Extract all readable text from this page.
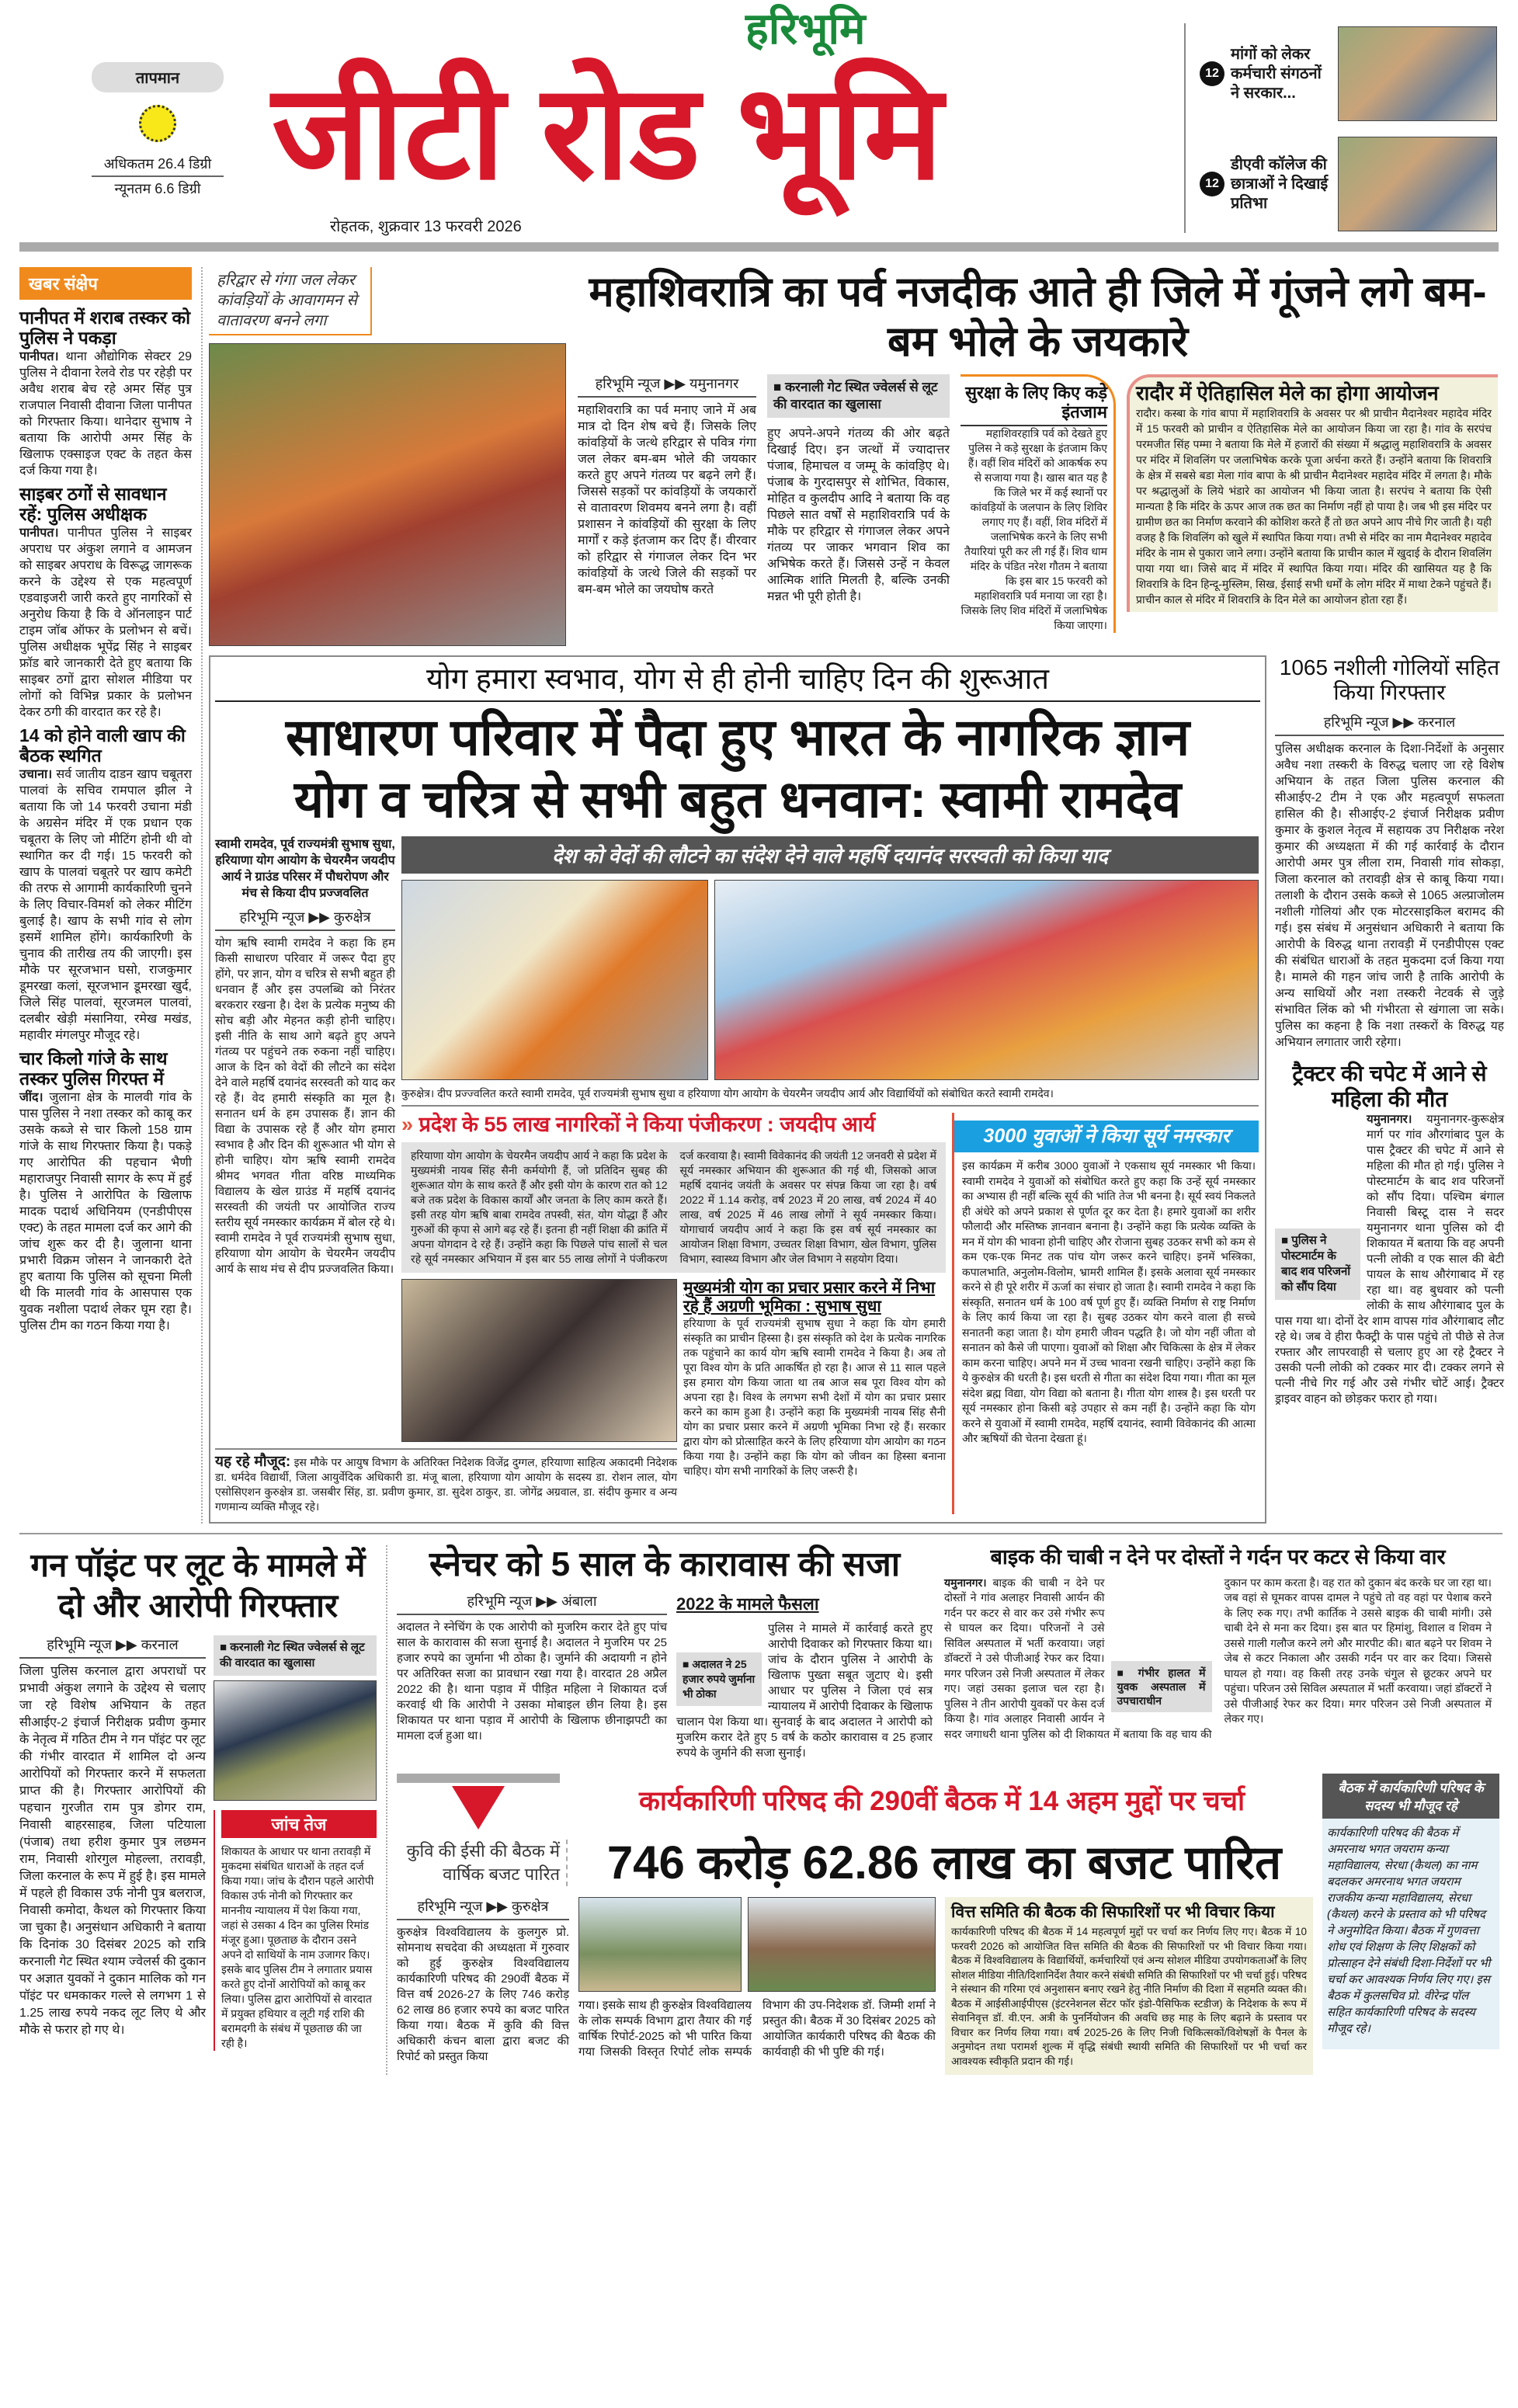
तापमान
अधिकतम 26.4 डिग्री
न्यूनतम 6.6 डिग्री
हरिभूमि
जीटी रोड भूमि
रोहतक, शुक्रवार 13 फरवरी 2026
12
मांगों को लेकर कर्मचारी संगठनों ने सरकार...
12
डीएवी कॉलेज की छात्राओं ने दिखाई प्रतिभा
खबर संक्षेप
पानीपत में शराब तस्कर को पुलिस ने पकड़ा

पानीपत। थाना औद्योगिक सेक्टर 29 पुलिस ने दीवाना रेलवे रोड पर रहेड़ी पर अवैध शराब बेच रहे अमर सिंह पुत्र राजपाल निवासी दीवाना जिला पानीपत को गिरफ्तार किया। थानेदार सुभाष ने बताया कि आरोपी अमर सिंह के खिलाफ एक्साइज एक्ट के तहत केस दर्ज किया गया है।

साइबर ठगों से सावधान रहें: पुलिस अधीक्षक

पानीपत। पानीपत पुलिस ने साइबर अपराध पर अंकुश लगाने व आमजन को साइबर अपराध के विरूद्ध जागरूक करने के उद्देश्य से एक महत्वपूर्ण एडवाइजरी जारी करते हुए नागरिकों से अनुरोध किया है कि वे ऑनलाइन पार्ट टाइम जॉब ऑफर के प्रलोभन से बचें। पुलिस अधीक्षक भूपेंद्र सिंह ने साइबर फ्रॉड बारे जानकारी देते हुए बताया कि साइबर ठगों द्वारा सोशल मीडिया पर लोगों को विभिन्न प्रकार के प्रलोभन देकर ठगी की वारदात कर रहे है।

14 को होने वाली खाप की बैठक स्थगित

उचाना। सर्व जातीय दाडन खाप चबूतरा पालवां के सचिव रामपाल झील ने बताया कि जो 14 फरवरी उचाना मंडी के अग्रसेन मंदिर में एक प्रधान एक चबूतरा के लिए जो मीटिंग होनी थी वो स्थागित कर दी गई। 15 फरवरी को खाप के पालवां चबूतरे पर खाप कमेटी की तरफ से आगामी कार्यकारिणी चुनने के लिए विचार-विमर्श को लेकर मीटिंग बुलाई है। खाप के सभी गांव से लोग इसमें शामिल होंगे। कार्यकारिणी के चुनाव की तारीख तय की जाएगी। इस मौके पर सूरजभान घसो, राजकुमार डूमरखा कलां, सूरजभान डूमरखा खुर्द, जिले सिंह पालवां, सूरजमल पालवां, दलबीर खेड़ी मंसानिया, रमेख मखंड, महावीर मंगलपुर मौजूद रहे।

चार किलो गांजे के साथ तस्कर पुलिस गिरफ्त में

जींद। जुलाना क्षेत्र के मालवी गांव के पास पुलिस ने नशा तस्कर को काबू कर उसके कब्जे से चार किलो 158 ग्राम गांजे के साथ गिरफ्तार किया है। पकड़े गए आरोपित की पहचान भैणी महाराजपुर निवासी सागर के रूप में हुई है। पुलिस ने आरोपित के खिलाफ मादक पदार्थ अधिनियम (एनडीपीएस एक्ट) के तहत मामला दर्ज कर आगे की जांच शुरू कर दी है। जुलाना थाना प्रभारी विक्रम जोसन ने जानकारी देते हुए बताया कि पुलिस को सूचना मिली थी कि मालवी गांव के आसपास एक युवक नशीला पदार्थ लेकर घूम रहा है। पुलिस टीम का गठन किया गया है।

हरिद्वार से गंगा जल लेकर कांवड़ियों के आवागमन से वातावरण बनने लगा
महाशिवरात्रि का पर्व नजदीक आते ही जिले में गूंजने लगे बम-बम भोले के जयकारे
हरिभूमि न्यूज ▶▶ यमुनानगर

महाशिवरात्रि का पर्व मनाए जाने में अब मात्र दो दिन शेष बचे हैं। जिसके लिए कांवड़ियों के जत्थे हरिद्वार से पवित्र गंगा जल लेकर बम-बम भोले की जयकार करते हुए अपने गंतव्य पर बढ़ने लगे हैं। जिससे सड़कों पर कांवड़ियों के जयकारों से वातावरण शिवमय बनने लगा है। वहीं प्रशासन ने कांवड़ियों की सुरक्षा के लिए मार्गों र कड़े इंतजाम कर दिए हैं। वीरवार को हरिद्वार से गंगाजल लेकर दिन भर कांवड़ियों के जत्थे जिले की सड़कों पर बम-बम भोले का जयघोष करते

■ करनाली गेट स्थित ज्वेलर्स से लूट की वारदात का खुलासा

हुए अपने-अपने गंतव्य की ओर बढ़ते दिखाई दिए। इन जत्थों में ज्यादात्तर पंजाब, हिमाचल व जम्मू के कांवड़िए थे। पंजाब के गुरदासपुर से शोभित, विकास, मोहित व कुलदीप आदि ने बताया कि वह पिछले सात वर्षों से महाशिवरात्रि पर्व के मौके पर हरिद्वार से गंगाजल लेकर अपने गंतव्य पर जाकर भगवान शिव का अभिषेक करते हैं। जिससे उन्हें न केवल आत्मिक शांति मिलती है, बल्कि उनकी मन्नत भी पूरी होती है।

सुरक्षा के लिए किए कड़े इंतजाम

महाशिवरहात्रि पर्व को देखते हुए पुलिस ने कड़े सुरक्षा के इंतजाम किए हैं। वहीं शिव मंदिरों को आकर्षक रुप से सजाया गया है। खास बात यह है कि जिले भर में कई स्थानों पर कांवड़ियों के जलपान के लिए शिविर लगाए गए हैं। वहीं, शिव मंदिरों में जलाभिषेक करने के लिए सभी तैयारियां पूरी कर ली गई हैं। शिव धाम मंदिर के पंडित नरेश गौतम ने बताया कि इस बार 15 फरवरी को महाशिवरात्रि पर्व मनाया जा रहा है। जिसके लिए शिव मंदिरों में जलाभिषेक किया जाएगा।

रादौर में ऐतिहासिल मेले का होगा आयोजन

रादौर। कस्बा के गांव बापा में महाशिवरात्रि के अवसर पर श्री प्राचीन मैदानेश्वर महादेव मंदिर में 15 फरवरी को प्राचीन व ऐतिहासिक मेले का आयोजन किया जा रहा है। गांव के सरपंच परमजीत सिंह पम्मा ने बताया कि मेले में हजारों की संख्या में श्रद्धालु महाशिवरात्रि के अवसर पर मंदिर में शिवलिंग पर जलाभिषेक करके पूजा अर्चना करते हैं। उन्होंने बताया कि शिवरात्रि के क्षेत्र में सबसे बडा मेला गांव बापा के श्री प्राचीन मैदानेश्वर महादेव मंदिर में लगता है। मौके पर श्रद्धालुओं के लिये भंडारे का आयोजन भी किया जाता है। सरपंच ने बताया कि ऐसी मान्यता है कि मंदिर के ऊपर आज तक छत का निर्माण नहीं हो पाया है। जब भी इस मंदिर पर ग्रामीण छत का निर्माण करवाने की कोशिश करते हैं तो छत अपने आप नीचे गिर जाती है। यही वजह है कि शिवलिंग को खुले में स्थापित किया गया। तभी से मंदिर का नाम मैदानेश्वर महादेव मंदिर के नाम से पुकारा जाने लगा। उन्होंने बताया कि प्राचीन काल में खुदाई के दौरान शिवलिंग पाया गया था। जिसे बाद में मंदिर में स्थापित किया गया। मंदिर की खासियत यह है कि शिवरात्रि के दिन हिन्दू-मुस्लिम, सिख, ईसाई सभी धर्मों के लोग मंदिर में माथा टेकने पहुंचते हैं। प्राचीन काल से मंदिर में शिवरात्रि के दिन मेले का आयोजन होता रहा हैं।

योग हमारा स्वभाव, योग से ही होनी चाहिए दिन की शुरूआत
साधारण परिवार में पैदा हुए भारत के नागरिक ज्ञान
योग व चरित्र से सभी बहुत धनवान: स्वामी रामदेव
स्वामी रामदेव, पूर्व राज्यमंत्री सुभाष सुधा, हरियाणा योग आयोग के चेयरमैन जयदीप आर्य ने ग्राउंड परिसर में पौधरोपण और मंच से किया दीप प्रज्जवलित
हरिभूमि न्यूज ▶▶ कुरुक्षेत्र

योग ऋषि स्वामी रामदेव ने कहा कि हम किसी साधारण परिवार में जरूर पैदा हुए होंगे, पर ज्ञान, योग व चरित्र से सभी बहुत ही धनवान हैं और इस उपलब्धि को निरंतर बरकरार रखना है। देश के प्रत्येक मनुष्य की सोच बड़ी और मेहनत कड़ी होनी चाहिए। इसी नीति के साथ आगे बढ़ते हुए अपने गंतव्य पर पहुंचने तक रुकना नहीं चाहिए। आज के दिन को वेदों की लौटने का संदेश देने वाले महर्षि दयानंद सरस्वती को याद कर रहे हैं। वेद हमारी संस्कृति का मूल है। सनातन धर्म के हम उपासक हैं। ज्ञान की विद्या के उपासक रहे हैं और योग हमारा स्वभाव है और दिन की शुरूआत भी योग से होनी चाहिए। योग ऋषि स्वामी रामदेव श्रीमद भगवत गीता वरिष्ठ माध्यमिक विद्यालय के खेल ग्राउंड में महर्षि दयानंद सरस्वती की जयंती पर आयोजित राज्य स्तरीय सूर्य नमस्कार कार्यक्रम में बोल रहे थे। स्वामी रामदेव ने पूर्व राज्यमंत्री सुभाष सुधा, हरियाणा योग आयोग के चेयरमैन जयदीप आर्य के साथ मंच से दीप प्रज्जवलित किया।

देश को वेदों की लौटने का संदेश देने वाले महर्षि दयानंद सरस्वती को किया याद
कुरुक्षेत्र। दीप प्रज्ज्वलित करते स्वामी रामदेव, पूर्व राज्यमंत्री सुभाष सुधा व हरियाणा योग आयोग के चेयरमैन जयदीप आर्य और विद्यार्थियों को संबोधित करते स्वामी रामदेव।
» प्रदेश के 55 लाख नागरिकों ने किया पंजीकरण : जयदीप आर्य

हरियाणा योग आयोग के चेयरमैन जयदीप आर्य ने कहा कि प्रदेश के मुख्यमंत्री नायब सिंह सैनी कर्मयोगी हैं, जो प्रतिदिन सुबह की शुरूआत योग के साथ करते हैं और इसी योग के कारण रात को 12 बजे तक प्रदेश के विकास कार्यों और जनता के लिए काम करते हैं। इसी तरह योग ऋषि बाबा रामदेव तपस्वी, संत, योग योद्धा हैं और गुरुओं की कृपा से आगे बढ़ रहे हैं। इतना ही नहीं शिक्षा की क्रांति में अपना योगदान दे रहे हैं। उन्होंने कहा कि पिछले पांच सालों से चल रहे सूर्य नमस्कार अभियान में इस बार 55 लाख लोगों ने पंजीकरण दर्ज करवाया है। स्वामी विवेकानंद की जयंती 12 जनवरी से प्रदेश में सूर्य नमस्कार अभियान की शुरूआत की गई थी, जिसको आज महर्षि दयानंद जयंती के अवसर पर संपन्न किया जा रहा है। वर्ष 2022 में 1.14 करोड़, वर्ष 2023 में 20 लाख, वर्ष 2024 में 40 लाख, वर्ष 2025 में 46 लाख लोगों ने सूर्य नमस्कार किया। योगाचार्य जयदीप आर्य ने कहा कि इस वर्ष सूर्य नमस्कार का आयोजन शिक्षा विभाग, उच्चतर शिक्षा विभाग, खेल विभाग, पुलिस विभाग, स्वास्थ्य विभाग और जेल विभाग ने सहयोग दिया।

मुख्यमंत्री योग का प्रचार प्रसार करने में निभा रहे हैं अग्रणी भूमिका : सुभाष सुधा

हरियाणा के पूर्व राज्यमंत्री सुभाष सुधा ने कहा कि योग हमारी संस्कृति का प्राचीन हिस्सा है। इस संस्कृति को देश के प्रत्येक नागरिक तक पहुंचाने का कार्य योग ऋषि स्वामी रामदेव ने किया है। अब तो पूरा विश्व योग के प्रति आकर्षित हो रहा है। आज से 11 साल पहले इस हमारा योग किया जाता था तब आज सब पूरा विश्व योग को अपना रहा है। विश्व के लगभग सभी देशों में योग का प्रचार प्रसार करने का काम हुआ है। उन्होंने कहा कि मुख्यमंत्री नायब सिंह सैनी योग का प्रचार प्रसार करने में अग्रणी भूमिका निभा रहे हैं। सरकार द्वारा योग को प्रोत्साहित करने के लिए हरियाणा योग आयोग का गठन किया गया है। उन्होंने कहा कि योग को जीवन का हिस्सा बनाना चाहिए। योग सभी नागरिकों के लिए जरूरी है।

यह रहे मौजूद: इस मौके पर आयुष विभाग के अतिरिक्त निदेशक विजेंद्र दुग्गल, हरियाणा साहित्य अकादमी निदेशक डा. धर्मदेव विद्यार्थी, जिला आयुर्वेदिक अधिकारी डा. मंजू बाला, हरियाणा योग आयोग के सदस्य डा. रोशन लाल, योग एसोसिएशन कुरुक्षेत्र डा. जसबीर सिंह, डा. प्रवीण कुमार, डा. सुदेश ठाकुर, डा. जोगेंद्र अग्रवाल, डा. संदीप कुमार व अन्य गणमान्य व्यक्ति मौजूद रहे।
3000 युवाओं ने किया सूर्य नमस्कार

इस कार्यक्रम में करीब 3000 युवाओं ने एकसाथ सूर्य नमस्कार भी किया। स्वामी रामदेव ने युवाओं को संबोधित करते हुए कहा कि उन्हें सूर्य नमस्कार का अभ्यास ही नहीं बल्कि सूर्य की भांति तेज भी बनना है। सूर्य स्वयं निकलते ही अंधेरे को अपने प्रकाश से पूर्णत दूर कर देता है। हमारे युवाओं का शरीर फौलादी और मस्तिष्क ज्ञानवान बनाना है। उन्होंने कहा कि प्रत्येक व्यक्ति के मन में योग की भावना होनी चाहिए और रोजाना सुबह उठकर सभी को कम से कम एक-एक मिनट तक पांच योग जरूर करने चाहिए। इनमें भस्त्रिका, कपालभाति, अनुलोम-विलोम, भ्रामरी शामिल हैं। इसके अलावा सूर्य नमस्कार करने से ही पूरे शरीर में ऊर्जा का संचार हो जाता है। स्वामी रामदेव ने कहा कि संस्कृति, सनातन धर्म के 100 वर्ष पूर्ण हुए हैं। व्यक्ति निर्माण से राष्ट्र निर्माण के लिए कार्य किया जा रहा है। सुबह उठकर योग करने वाला ही सच्चे सनातनी कहा जाता है। योग हमारी जीवन पद्धति है। जो योग नहीं जीता वो सनातन को कैसे जी पाएगा। युवाओं को शिक्षा और चिकित्सा के क्षेत्र में लेकर काम करना चाहिए। अपने मन में उच्च भावना रखनी चाहिए। उन्होंने कहा कि ये कुरुक्षेत्र की धरती है। इस धरती से गीता का संदेश दिया गया। गीता का मूल संदेश ब्रह्म विद्या, योग विद्या को बताना है। गीता योग शास्त्र है। इस धरती पर सूर्य नमस्कार होना किसी बड़े उपहार से कम नहीं है। उन्होंने कहा कि योग करने से युवाओं में स्वामी रामदेव, महर्षि दयानंद, स्वामी विवेकानंद की आत्मा और ऋषियों की चेतना देखता हूं।

1065 नशीली गोलियों सहित किया गिरफ्तार
हरिभूमि न्यूज ▶▶ करनाल

पुलिस अधीक्षक करनाल के दिशा-निर्देशों के अनुसार अवैध नशा तस्करी के विरुद्ध चलाए जा रहे विशेष अभियान के तहत जिला पुलिस करनाल की सीआईए-2 टीम ने एक और महत्वपूर्ण सफलता हासिल की है। सीआईए-2 इंचार्ज निरीक्षक प्रवीण कुमार के कुशल नेतृत्व में सहायक उप निरीक्षक नरेश कुमार की अध्यक्षता में की गई कार्रवाई के दौरान आरोपी अमर पुत्र लीला राम, निवासी गांव सोकड़ा, जिला करनाल को तरावड़ी क्षेत्र से काबू किया गया। तलाशी के दौरान उसके कब्जे से 1065 अल्प्राजोलम नशीली गोलियां और एक मोटरसाइकिल बरामद की गई। इस संबंध में अनुसंधान अधिकारी ने बताया कि आरोपी के विरुद्ध थाना तरावड़ी में एनडीपीएस एक्ट की संबंधित धाराओं के तहत मुकदमा दर्ज किया गया है। मामले की गहन जांच जारी है ताकि आरोपी के अन्य साथियों और नशा तस्करी नेटवर्क से जुड़े संभावित लिंक को भी गंभीरता से खंगाला जा सके। पुलिस का कहना है कि नशा तस्करों के विरुद्ध यह अभियान लगातार जारी रहेगा।

ट्रैक्टर की चपेट में आने से महिला की मौत
■ पुलिस ने पोस्टमार्टम के बाद शव परिजनों को सौंप दिया

यमुनानगर। यमुनानगर-कुरूक्षेत्र मार्ग पर गांव औरगांबाद पुल के पास ट्रैक्टर की चपेट में आने से महिला की मौत हो गई। पुलिस ने पोस्टमार्टम के बाद शव परिजनों को सौंप दिया। पश्चिम बंगाल निवासी बिस्टू दास ने सदर यमुनानगर थाना पुलिस को दी शिकायत में बताया कि वह अपनी पत्नी लोकी व एक साल की बेटी पायल के साथ औरंगाबाद में रह रहा था। वह बुधवार को पत्नी लोकी के साथ औरंगाबाद पुल के पास गया था। दोनों देर शाम वापस गांव औरंगाबाद लौट रहे थे। जब वे हीरा फैक्ट्री के पास पहुंचे तो पीछे से तेज रफ्तार और लापरवाही से चलाए हुए आ रहे ट्रैक्टर ने उसकी पत्नी लोकी को टक्कर मार दी। टक्कर लगने से पत्नी नीचे गिर गई और उसे गंभीर चोटें आई। ट्रैक्टर ड्राइवर वाहन को छोड़कर फरार हो गया।

गन पॉइंट पर लूट के मामले में दो और आरोपी गिरफ्तार
हरिभूमि न्यूज ▶▶ करनाल

जिला पुलिस करनाल द्वारा अपराधों पर प्रभावी अंकुश लगाने के उद्देश्य से चलाए जा रहे विशेष अभियान के तहत सीआईए-2 इंचार्ज निरीक्षक प्रवीण कुमार के नेतृत्व में गठित टीम ने गन पॉइंट पर लूट की गंभीर वारदात में शामिल दो अन्य आरोपियों को गिरफ्तार करने में सफलता प्राप्त की है। गिरफ्तार आरोपियों की पहचान गुरजीत राम पुत्र डोगर राम, निवासी बाहरसाहब, जिला पटियाला (पंजाब) तथा हरीश कुमार पुत्र लछमन राम, निवासी शोरगुल मोहल्ला, तरावड़ी, जिला करनाल के रूप में हुई है। इस मामले में पहले ही विकास उर्फ नोनी पुत्र बलराज, निवासी कमोदा, कैथल को गिरफ्तार किया जा चुका है। अनुसंधान अधिकारी ने बताया कि दिनांक 30 दिसंबर 2025 को रात्रि करनाली गेट स्थित श्याम ज्वेलर्स की दुकान पर अज्ञात युवकों ने दुकान मालिक को गन पॉइंट पर धमकाकर गल्ले से लगभग 1 से 1.25 लाख रुपये नकद लूट लिए थे और मौके से फरार हो गए थे।

■ करनाली गेट स्थित ज्वेलर्स से लूट की वारदात का खुलासा
जांच तेज

शिकायत के आधार पर थाना तरावड़ी में मुकदमा संबंधित धाराओं के तहत दर्ज किया गया। जांच के दौरान पहले आरोपी विकास उर्फ नोनी को गिरफ्तार कर माननीय न्यायालय में पेश किया गया, जहां से उसका 4 दिन का पुलिस रिमांड मंजूर हुआ। पूछताछ के दौरान उसने अपने दो साथियों के नाम उजागर किए। इसके बाद पुलिस टीम ने लगातार प्रयास करते हुए दोनों आरोपियों को काबू कर लिया। पुलिस द्वारा आरोपियों से वारदात में प्रयुक्त हथियार व लूटी गई राशि की बरामदगी के संबंध में पूछताछ की जा रही है।

स्नेचर को 5 साल के कारावास की सजा
हरिभूमि न्यूज ▶▶ अंबाला

अदालत ने स्नेचिंग के एक आरोपी को मुजरिम करार देते हुए पांच साल के कारावास की सजा सुनाई है। अदालत ने मुजरिम पर 25 हजार रुपये का जुर्माना भी ठोका है। जुर्माने की अदायगी न होने पर अतिरिक्त सजा का प्रावधान रखा गया है। वारदात 28 अप्रैल 2022 की है। थाना पड़ाव में पीड़ित महिला ने शिकायत दर्ज करवाई थी कि आरोपी ने उसका मोबाइल छीन लिया है। इस शिकायत पर थाना पड़ाव में आरोपी के खिलाफ छीनाझपटी का मामला दर्ज हुआ था।

2022 के मामले फैसला
■ अदालत ने 25 हजार रुपये जुर्माना भी ठोका

पुलिस ने मामले में कार्रवाई करते हुए आरोपी दिवाकर को गिरफ्तार किया था। जांच के दौरान पुलिस ने आरोपी के खिलाफ पुख्ता सबूत जुटाए थे। इसी आधार पर पुलिस ने जिला एवं सत्र न्यायालय में आरोपी दिवाकर के खिलाफ चालान पेश किया था। सुनवाई के बाद अदालत ने आरोपी को मुजरिम करार देते हुए 5 वर्ष के कठोर कारावास व 25 हजार रुपये के जुर्माने की सजा सुनाई।

बाइक की चाबी न देने पर दोस्तों ने गर्दन पर कटर से किया वार
■ गंभीर हालत में युवक अस्पताल में उपचाराधीन
यमुनानगर। बाइक की चाबी न देने पर दोस्तों ने गांव अलाहर निवासी आर्यन की गर्दन पर कटर से वार कर उसे गंभीर रूप से घायल कर दिया। परिजनों ने उसे सिविल अस्पताल में भर्ती करवाया। जहां डॉक्टरों ने उसे पीजीआई रेफर कर दिया। मगर परिजन उसे निजी अस्पताल में लेकर गए। जहां उसका इलाज चल रहा है। पुलिस ने तीन आरोपी युवकों पर केस दर्ज किया है। गांव अलाहर निवासी आर्यन ने सदर जगाधरी थाना पुलिस को दी शिकायत में बताया कि वह चाय की दुकान पर काम करता है। वह रात को दुकान बंद करके घर जा रहा था। जब वहां से घूमकर वापस दामल ने पहुंचे तो वह वहां पर पेशाब करने के लिए रुक गए। तभी कार्तिक ने उससे बाइक की चाबी मांगी। उसे चाबी देने से मना कर दिया। इस बात पर हिमांशु, विशाल व शिवम ने उससे गाली गलौज करने लगे और मारपीट की। बात बढ़ने पर शिवम ने जेब से कटर निकाला और उसकी गर्दन पर वार कर दिया। जिससे घायल हो गया। वह किसी तरह उनके चंगुल से छूटकर अपने घर पहुंचा। परिजन उसे सिविल अस्पताल में भर्ती करवाया। जहां डॉक्टरों ने उसे पीजीआई रेफर कर दिया। मगर परिजन उसे निजी अस्पताल में लेकर गए।
कार्यकारिणी परिषद की 290वीं बैठक में 14 अहम मुद्दों पर चर्चा
कुवि की ईसी की बैठक में वार्षिक बजट पारित	746 करोड़ 62.86 लाख का बजट पारित
हरिभूमि न्यूज ▶▶ कुरुक्षेत्र

कुरुक्षेत्र विश्वविद्यालय के कुलगुरु प्रो. सोमनाथ सचदेवा की अध्यक्षता में गुरुवार को हुई कुरुक्षेत्र विश्वविद्यालय कार्यकारिणी परिषद की 290वीं बैठक में वित्त वर्ष 2026-27 के लिए 746 करोड़ 62 लाख 86 हजार रुपये का बजट पारित किया गया। बैठक में कुवि की वित्त अधिकारी कंचन बाला द्वारा बजट की रिपोर्ट को प्रस्तुत किया

गया। इसके साथ ही कुरुक्षेत्र विश्वविद्यालय के लोक सम्पर्क विभाग द्वारा तैयार की गई वार्षिक रिपोर्ट-2025 को भी पारित किया गया जिसकी विस्तृत रिपोर्ट लोक सम्पर्क विभाग की उप-निदेशक डॉ. जिम्मी शर्मा ने प्रस्तुत की। बैठक में 30 दिसंबर 2025 को आयोजित कार्यकारी परिषद की बैठक की कार्यवाही की भी पुष्टि की गई।

वित्त समिति की बैठक की सिफारिशों पर भी विचार किया

कार्यकारिणी परिषद की बैठक में 14 महत्वपूर्ण मुद्दों पर चर्चा कर निर्णय लिए गए। बैठक में 10 फरवरी 2026 को आयोजित वित्त समिति की बैठक की सिफारिशों पर भी विचार किया गया। बैठक में विश्वविद्यालय के विद्यार्थियों, कर्मचारियों एवं अन्य सोशल मीडिया उपयोगकतार्ओं के लिए सोशल मीडिया नीति/दिशानिर्देश तैयार करने संबंधी समिति की सिफारिशों पर भी चर्चा हुई। परिषद ने संस्थान की गरिमा एवं अनुशासन बनाए रखने हेतु नीति निर्माण की दिशा में सहमति व्यक्त की। बैठक में आईसीआईपीएस (इंटरनेशनल सेंटर फॉर इंडो-पैसिफिक स्टडीज) के निदेशक के रूप में सेवानिवृत्त डॉ. वी.एन. अत्री के पुनर्नियोजन की अवधि छह माह के लिए बढ़ाने के प्रस्ताव पर विचार कर निर्णय लिया गया। वर्ष 2025-26 के लिए निजी चिकित्सकों/विशेषज्ञों के पैनल के अनुमोदन तथा परामर्श शुल्क में वृद्धि संबंधी स्थायी समिति की सिफारिशों पर भी चर्चा कर आवश्यक स्वीकृति प्रदान की गई।

बैठक में कार्यकारिणी परिषद के सदस्य भी मौजूद रहे

कार्यकारिणी परिषद की बैठक में अमरनाथ भगत जयराम कन्या महाविद्यालय, सेरधा (कैथल) का नाम बदलकर अमरनाथ भगत जयराम राजकीय कन्या महाविद्यालय, सेरधा (कैथल) करने के प्रस्ताव को भी परिषद ने अनुमोदित किया। बैठक में गुणवत्ता शोध एवं शिक्षण के लिए शिक्षकों को प्रोत्साहन देने संबंधी दिशा-निर्देशों पर भी चर्चा कर आवश्यक निर्णय लिए गए। इस बैठक में कुलसचिव प्रो. वीरेन्द्र पॉल सहित कार्यकारिणी परिषद के सदस्य मौजूद रहे।
